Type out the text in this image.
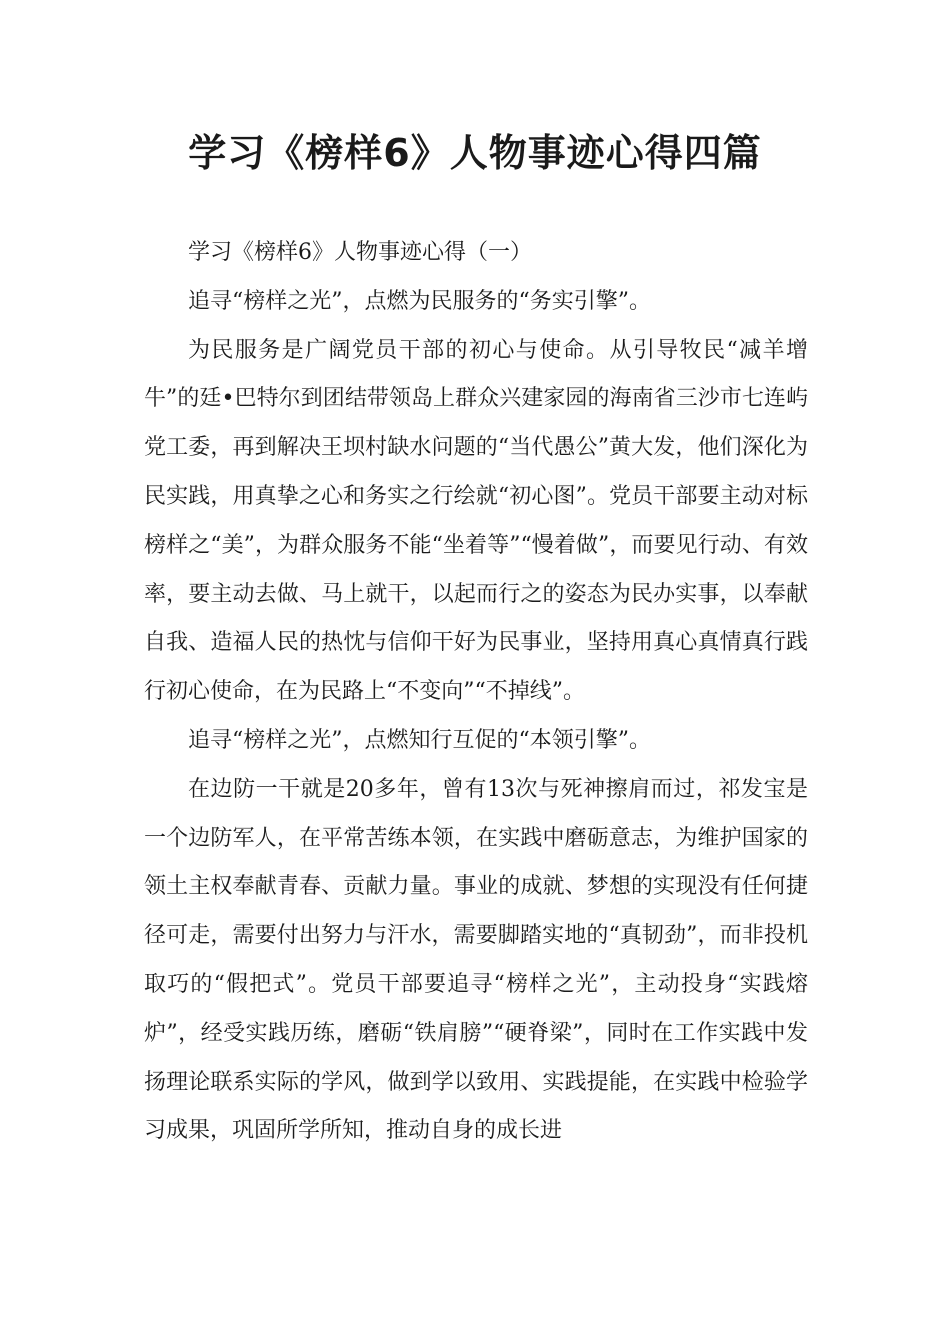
学习《榜样6》人物事迹心得四篇

学习《榜样6》人物事迹心得（一）

追寻“榜样之光”，点燃为民服务的“务实引擎”。

为民服务是广阔党员干部的初心与使命。从引导牧民“减羊增牛”的廷•巴特尔到团结带领岛上群众兴建家园的海南省三沙市七连屿党工委，再到解决王坝村缺水问题的“当代愚公”黄大发，他们深化为民实践，用真挚之心和务实之行绘就“初心图”。党员干部要主动对标榜样之“美”，为群众服务不能“坐着等”“慢着做”，而要见行动、有效率，要主动去做、马上就干，以起而行之的姿态为民办实事，以奉献自我、造福人民的热忱与信仰干好为民事业，坚持用真心真情真行践行初心使命，在为民路上“不变向”“不掉线”。

追寻“榜样之光”，点燃知行互促的“本领引擎”。

在边防一干就是20多年，曾有13次与死神擦肩而过，祁发宝是一个边防军人，在平常苦练本领，在实践中磨砺意志，为维护国家的领土主权奉献青春、贡献力量。事业的成就、梦想的实现没有任何捷径可走，需要付出努力与汗水，需要脚踏实地的“真韧劲”，而非投机取巧的“假把式”。党员干部要追寻“榜样之光”，主动投身“实践熔炉”，经受实践历练，磨砺“铁肩膀”“硬脊梁”，同时在工作实践中发扬理论联系实际的学风，做到学以致用、实践提能，在实践中检验学习成果，巩固所学所知，推动自身的成长进
